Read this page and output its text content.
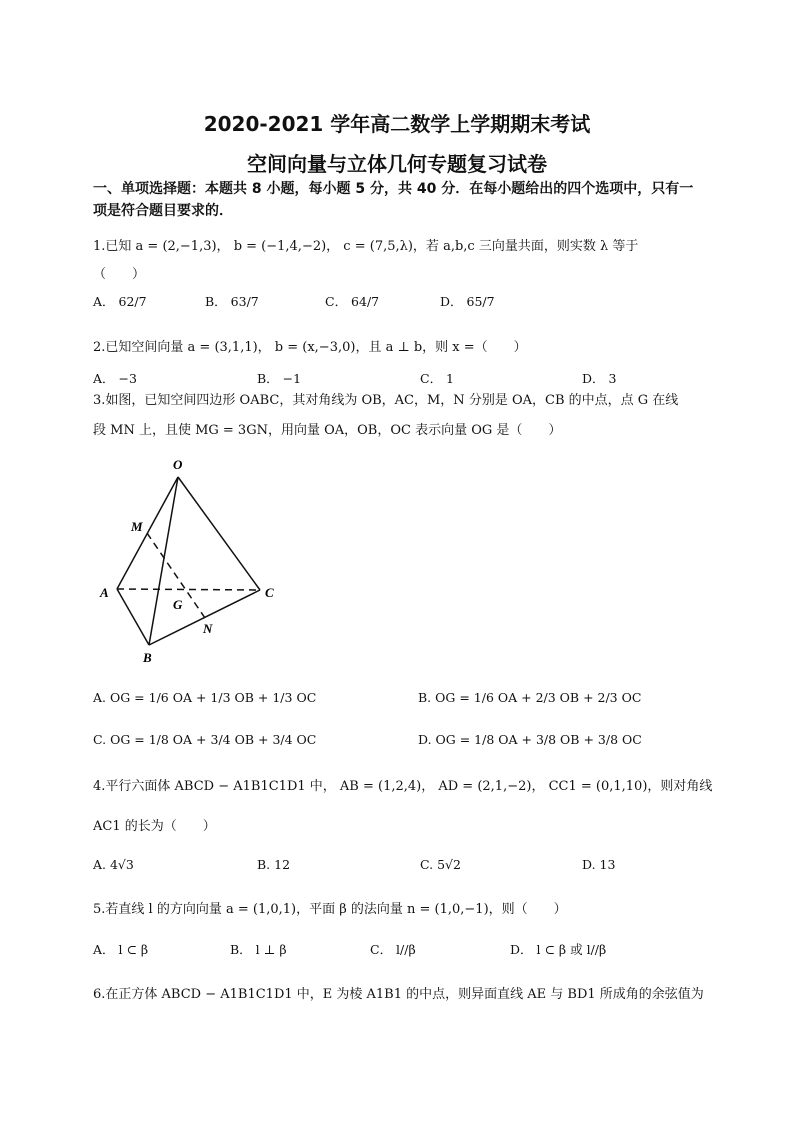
2020-2021 学年高二数学上学期期末考试
空间向量与立体几何专题复习试卷
一、单项选择题：本题共 8 小题，每小题 5 分，共 40 分．在每小题给出的四个选项中，只有一项是符合题目要求的．
1.已知 a = (2,−1,3)， b = (−1,4,−2)， c = (7,5,λ)，若 a,b,c 三向量共面，则实数 λ 等于
（　　）
A． 62/7	B． 63/7	C． 64/7	D． 65/7
2.已知空间向量 a = (3,1,1)， b = (x,−3,0)，且 a ⊥ b，则 x =（　　）
A． −3	B． −1	C． 1	D． 3
3.如图，已知空间四边形 OABC，其对角线为 OB，AC，M，N 分别是 OA，CB 的中点，点 G 在线
段 MN 上，且使 MG = 3GN，用向量 OA，OB，OC 表示向量 OG 是（　　）
O
M
A
G
C
N
B
A. OG = 1/6 OA + 1/3 OB + 1/3 OC	B. OG = 1/6 OA + 2/3 OB + 2/3 OC
C. OG = 1/8 OA + 3/4 OB + 3/4 OC	D. OG = 1/8 OA + 3/8 OB + 3/8 OC
4.平行六面体 ABCD − A1B1C1D1 中， AB = (1,2,4)， AD = (2,1,−2)， CC1 = (0,1,10)，则对角线
AC1 的长为（　　）
A. 4√3	B. 12	C. 5√2	D. 13
5.若直线 l 的方向向量 a = (1,0,1)，平面 β 的法向量 n = (1,0,−1)，则（　　）
A． l ⊂ β	B． l ⊥ β	C． l//β	D． l ⊂ β 或 l//β
6.在正方体 ABCD − A1B1C1D1 中，E 为棱 A1B1 的中点，则异面直线 AE 与 BD1 所成角的余弦值为
